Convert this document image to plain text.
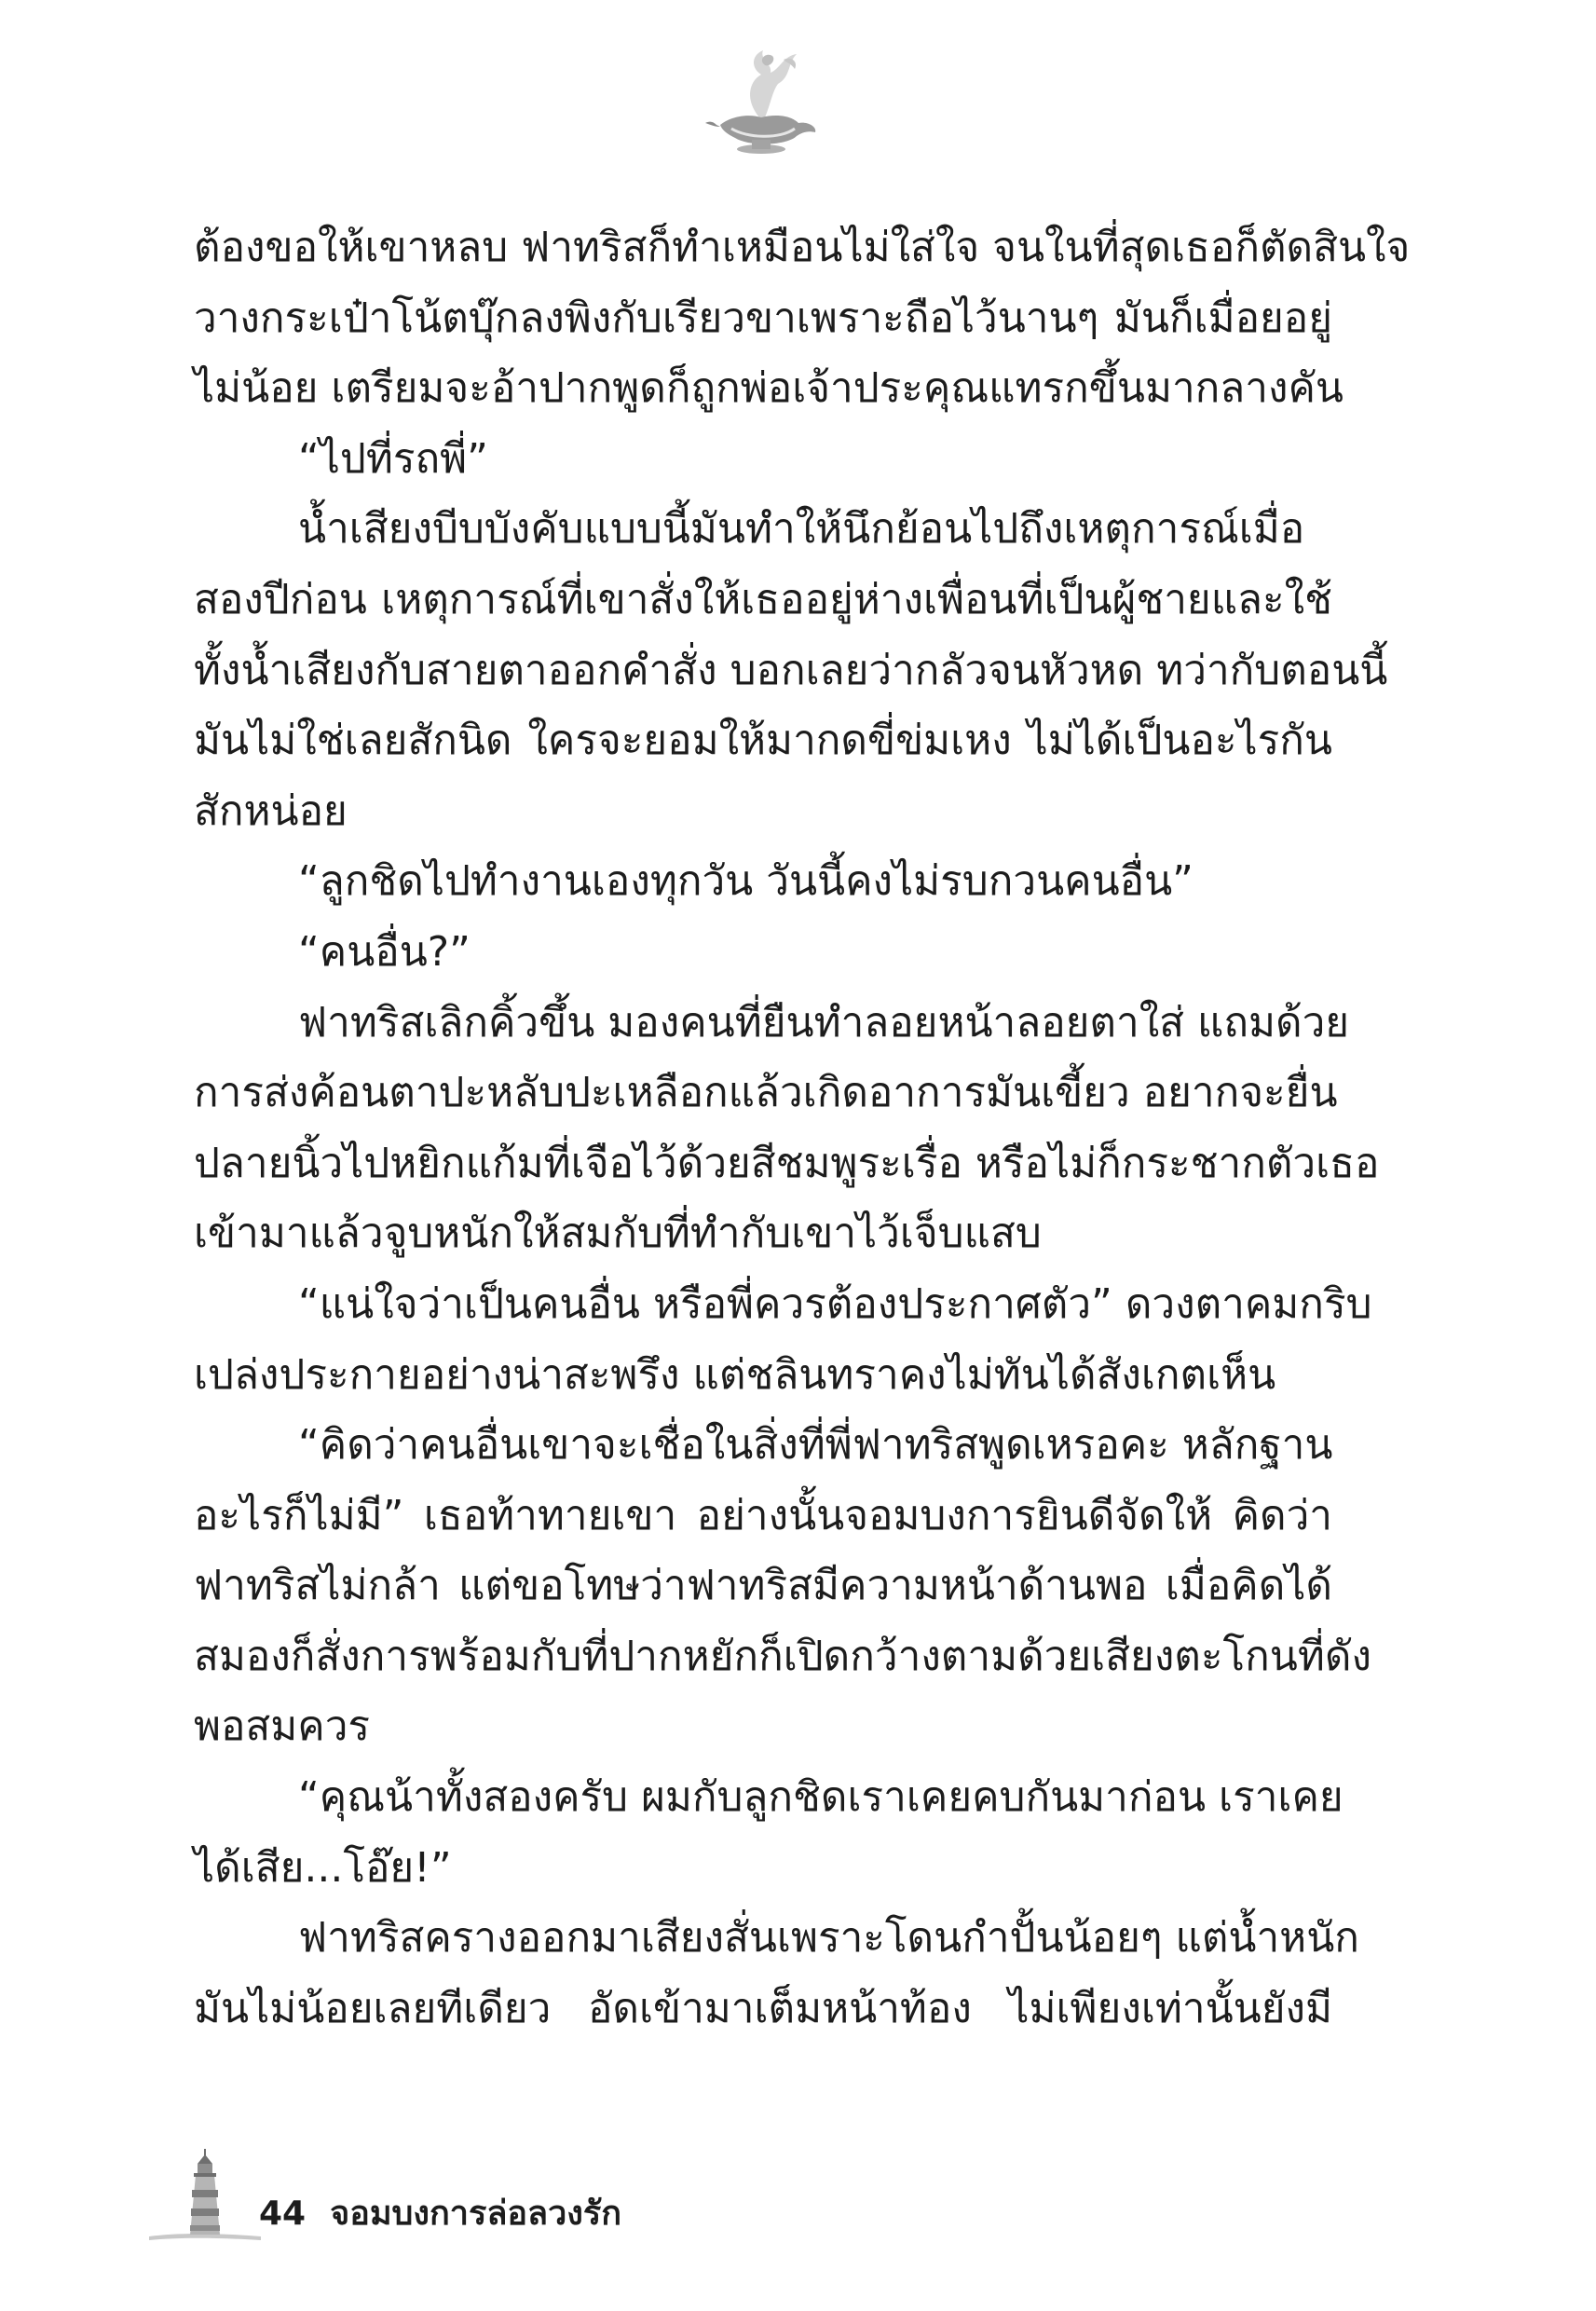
ต้องขอให้เขาหลบ ฟาทริสก็ทำเหมือนไม่ใส่ใจ จนในที่สุดเธอก็ตัดสินใจ
วางกระเป๋าโน้ตบุ๊กลงพิงกับเรียวขาเพราะถือไว้นานๆ มันก็เมื่อยอยู่
ไม่น้อย เตรียมจะอ้าปากพูดก็ถูกพ่อเจ้าประคุณแทรกขึ้นมากลางคัน
“ไปที่รถพี่”
น้ำเสียงบีบบังคับแบบนี้มันทำให้นึกย้อนไปถึงเหตุการณ์เมื่อ
สองปีก่อน เหตุการณ์ที่เขาสั่งให้เธออยู่ห่างเพื่อนที่เป็นผู้ชายและใช้
ทั้งน้ำเสียงกับสายตาออกคำสั่ง บอกเลยว่ากลัวจนหัวหด ทว่ากับตอนนี้
มันไม่ใช่เลยสักนิด ใครจะยอมให้มากดขี่ข่มเหง ไม่ได้เป็นอะไรกัน
สักหน่อย
“ลูกชิดไปทำงานเองทุกวัน วันนี้คงไม่รบกวนคนอื่น”
“คนอื่น?”
ฟาทริสเลิกคิ้วขึ้น มองคนที่ยืนทำลอยหน้าลอยตาใส่ แถมด้วย
การส่งค้อนตาปะหลับปะเหลือกแล้วเกิดอาการมันเขี้ยว อยากจะยื่น
ปลายนิ้วไปหยิกแก้มที่เจือไว้ด้วยสีชมพูระเรื่อ หรือไม่ก็กระชากตัวเธอ
เข้ามาแล้วจูบหนักให้สมกับที่ทำกับเขาไว้เจ็บแสบ
“แน่ใจว่าเป็นคนอื่น หรือพี่ควรต้องประกาศตัว” ดวงตาคมกริบ
เปล่งประกายอย่างน่าสะพรึง แต่ชลินทราคงไม่ทันได้สังเกตเห็น
“คิดว่าคนอื่นเขาจะเชื่อในสิ่งที่พี่ฟาทริสพูดเหรอคะ หลักฐาน
อะไรก็ไม่มี” เธอท้าทายเขา อย่างนั้นจอมบงการยินดีจัดให้ คิดว่า
ฟาทริสไม่กล้า แต่ขอโทษว่าฟาทริสมีความหน้าด้านพอ เมื่อคิดได้
สมองก็สั่งการพร้อมกับที่ปากหยักก็เปิดกว้างตามด้วยเสียงตะโกนที่ดัง
พอสมควร
“คุณน้าทั้งสองครับ ผมกับลูกชิดเราเคยคบกันมาก่อน เราเคย
ได้เสีย...โอ๊ย!”
ฟาทริสครางออกมาเสียงสั่นเพราะโดนกำปั้นน้อยๆ แต่น้ำหนัก
มันไม่น้อยเลยทีเดียว อัดเข้ามาเต็มหน้าท้อง ไม่เพียงเท่านั้นยังมี
44 จอมบงการล่อลวงรัก
